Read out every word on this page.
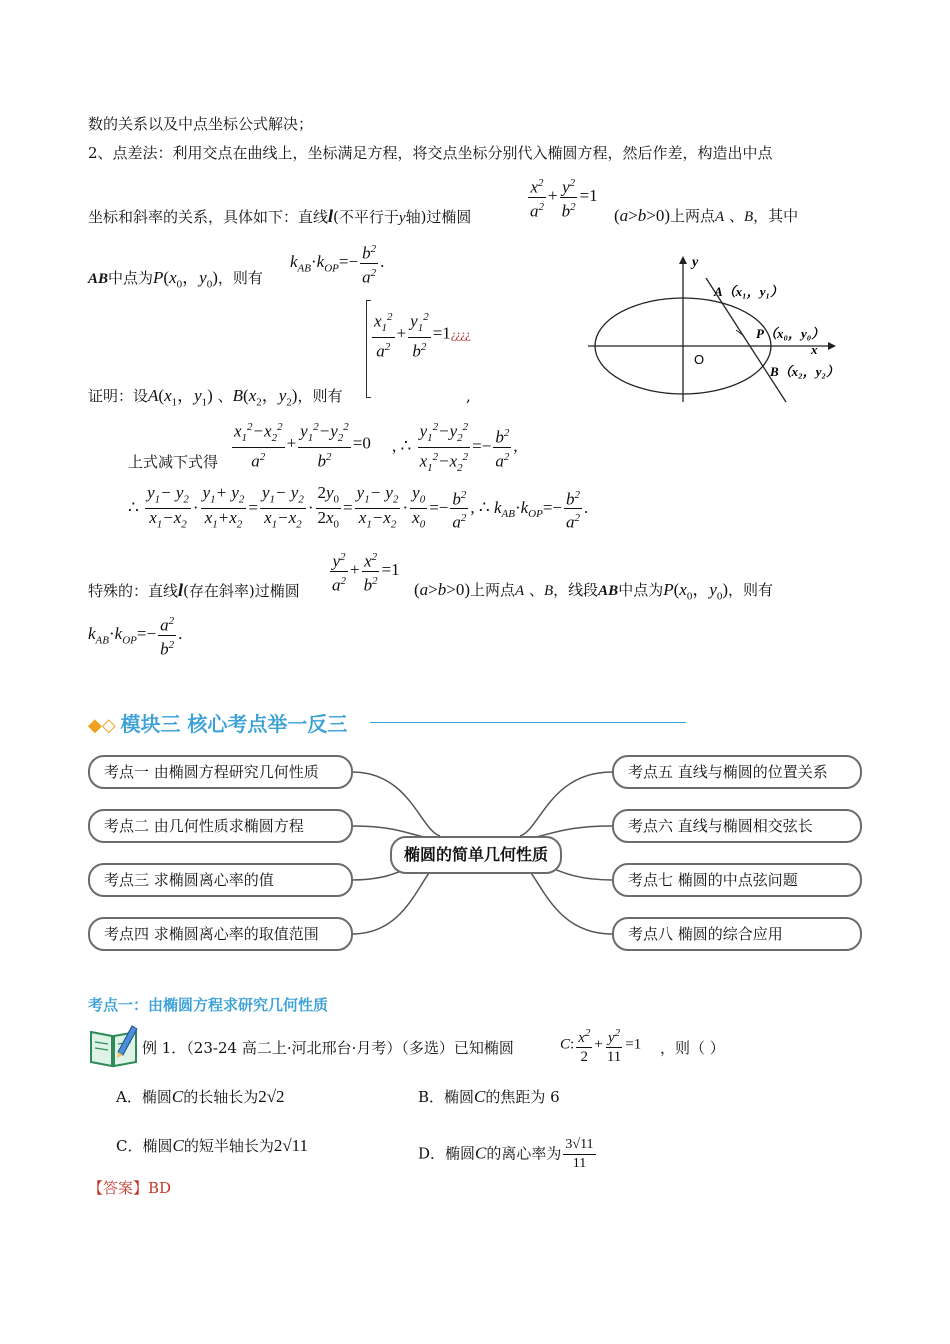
数的关系以及中点坐标公式解决；
2、点差法：利用交点在曲线上，坐标满足方程，将交点坐标分别代入椭圆方程，然后作差，构造出中点
坐标和斜率的关系，具体如下：直线l(不平行于y轴)过椭圆	$\frac{x^2}{a^2} + \frac{y^2}{b^2} =1$
(a>b>0)上两点A 、B，其中
AB中点为$P(x_0$，$y_0$)，则有
$k_{AB}\cdot k_{OP}=- \frac{b^2}{a^2}$ .	y
x
O
A（x₁，y₁）
P（x₀，y₀）
B（x₂，y₂）
$\frac{x_1^2}{a^2} + \frac{y_1^2}{b^2}$ =1¿¿¿¿
证明：设$A(x_1$，$y_1$) 、$B(x_2$，$y_2$)，则有	,
上式减下式得 $\frac{x_1^2-x_2^2}{a^2} + \frac{y_1^2-y_2^2}{b^2} =0$ , ∴ $\frac{y_1^2-y_2^2}{x_1^2-x_2^2} =- \frac{b^2}{a^2}$ ,
∴ $\frac{y_1- y_2}{x_1-x_2} \cdot \frac{y_1+ y_2}{x_1+x_2} = \frac{y_1- y_2}{x_1-x_2} \cdot \frac{2y_0}{2x_0} = \frac{y_1- y_2}{x_1-x_2} \cdot \frac{y_0}{x_0} =- \frac{b^2}{a^2}$ , ∴ $k_{AB}\cdot k_{OP}=- \frac{b^2}{a^2}$ .
$\frac{y^2}{a^2} + \frac{x^2}{b^2} =1$
特殊的：直线l(存在斜率)过椭圆	(a>b>0)上两点A 、B，线段AB中点为$P(x_0$，$y_0$)，则有
$k_{AB}\cdot k_{OP}=- \frac{a^2}{b^2}$ .
◆◇ 模块三 核心考点举一反三
考点一 由椭圆方程研究几何性质
考点二 由几何性质求椭圆方程
考点三 求椭圆离心率的值
考点四 求椭圆离心率的取值范围
考点五 直线与椭圆的位置关系
考点六 直线与椭圆相交弦长
考点七 椭圆的中点弦问题
考点八 椭圆的综合应用
椭圆的简单几何性质
考点一：由椭圆方程求研究几何性质
例 1．（23-24 高二上·河北邢台·月考）（多选）已知椭圆	C: $\frac{x^2}{2} + \frac{y^2}{11} =1$ ，则（ ）
A．椭圆C的长轴长为2√2	B．椭圆C的焦距为 6
C．椭圆C的短半轴长为2√11	D．椭圆C的离心率为 $\frac{3√11}{11}$
【答案】BD
